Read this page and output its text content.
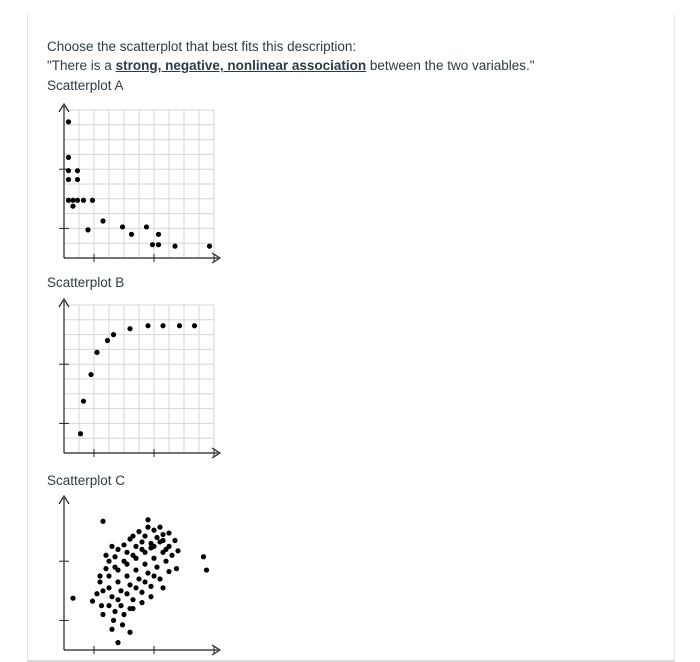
Choose the scatterplot that best fits this description:
"There is a strong, negative, nonlinear association between the two variables."
Scatterplot A
Scatterplot B
Scatterplot C
